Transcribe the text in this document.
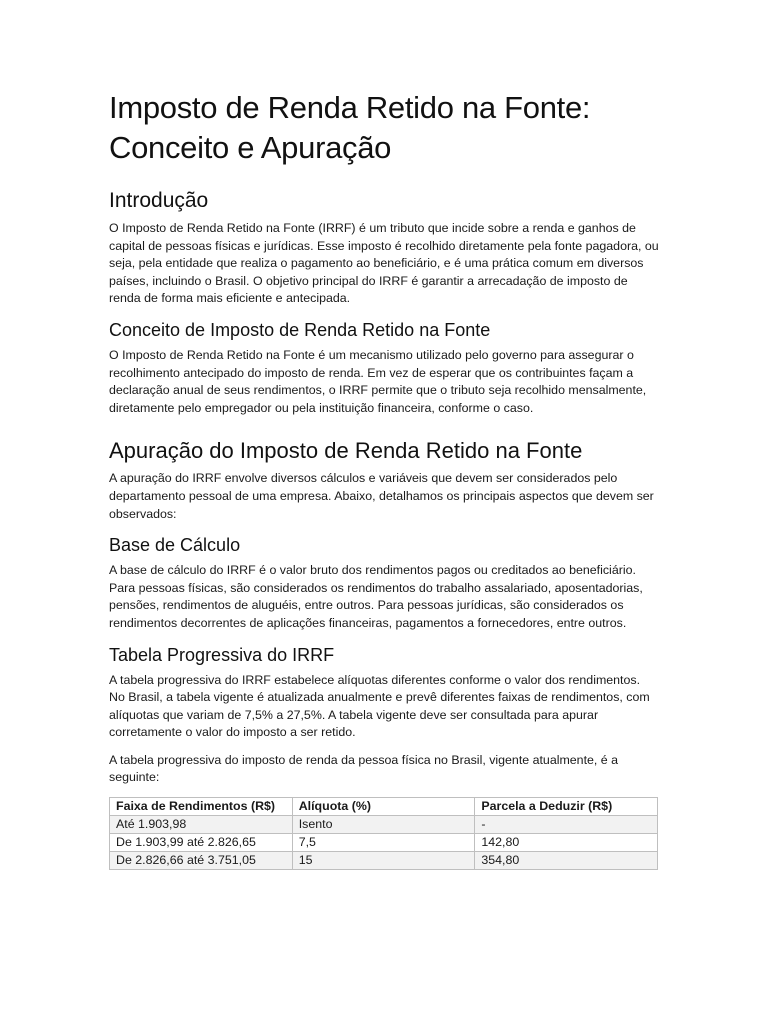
Imposto de Renda Retido na Fonte: Conceito e Apuração
Introdução

O Imposto de Renda Retido na Fonte (IRRF) é um tributo que incide sobre a renda e ganhos de capital de pessoas físicas e jurídicas. Esse imposto é recolhido diretamente pela fonte pagadora, ou seja, pela entidade que realiza o pagamento ao beneficiário, e é uma prática comum em diversos países, incluindo o Brasil. O objetivo principal do IRRF é garantir a arrecadação de imposto de renda de forma mais eficiente e antecipada.

Conceito de Imposto de Renda Retido na Fonte

O Imposto de Renda Retido na Fonte é um mecanismo utilizado pelo governo para assegurar o recolhimento antecipado do imposto de renda. Em vez de esperar que os contribuintes façam a declaração anual de seus rendimentos, o IRRF permite que o tributo seja recolhido mensalmente, diretamente pelo empregador ou pela instituição financeira, conforme o caso.

Apuração do Imposto de Renda Retido na Fonte

A apuração do IRRF envolve diversos cálculos e variáveis que devem ser considerados pelo departamento pessoal de uma empresa. Abaixo, detalhamos os principais aspectos que devem ser observados:

Base de Cálculo

A base de cálculo do IRRF é o valor bruto dos rendimentos pagos ou creditados ao beneficiário. Para pessoas físicas, são considerados os rendimentos do trabalho assalariado, aposentadorias, pensões, rendimentos de aluguéis, entre outros. Para pessoas jurídicas, são considerados os rendimentos decorrentes de aplicações financeiras, pagamentos a fornecedores, entre outros.

Tabela Progressiva do IRRF

A tabela progressiva do IRRF estabelece alíquotas diferentes conforme o valor dos rendimentos. No Brasil, a tabela vigente é atualizada anualmente e prevê diferentes faixas de rendimentos, com alíquotas que variam de 7,5% a 27,5%. A tabela vigente deve ser consultada para apurar corretamente o valor do imposto a ser retido.

A tabela progressiva do imposto de renda da pessoa física no Brasil, vigente atualmente, é a seguinte:

Faixa de Rendimentos (R$)	Alíquota (%)	Parcela a Deduzir (R$)
Até 1.903,98	Isento	-
De 1.903,99 até 2.826,65	7,5	142,80
De 2.826,66 até 3.751,05	15	354,80
